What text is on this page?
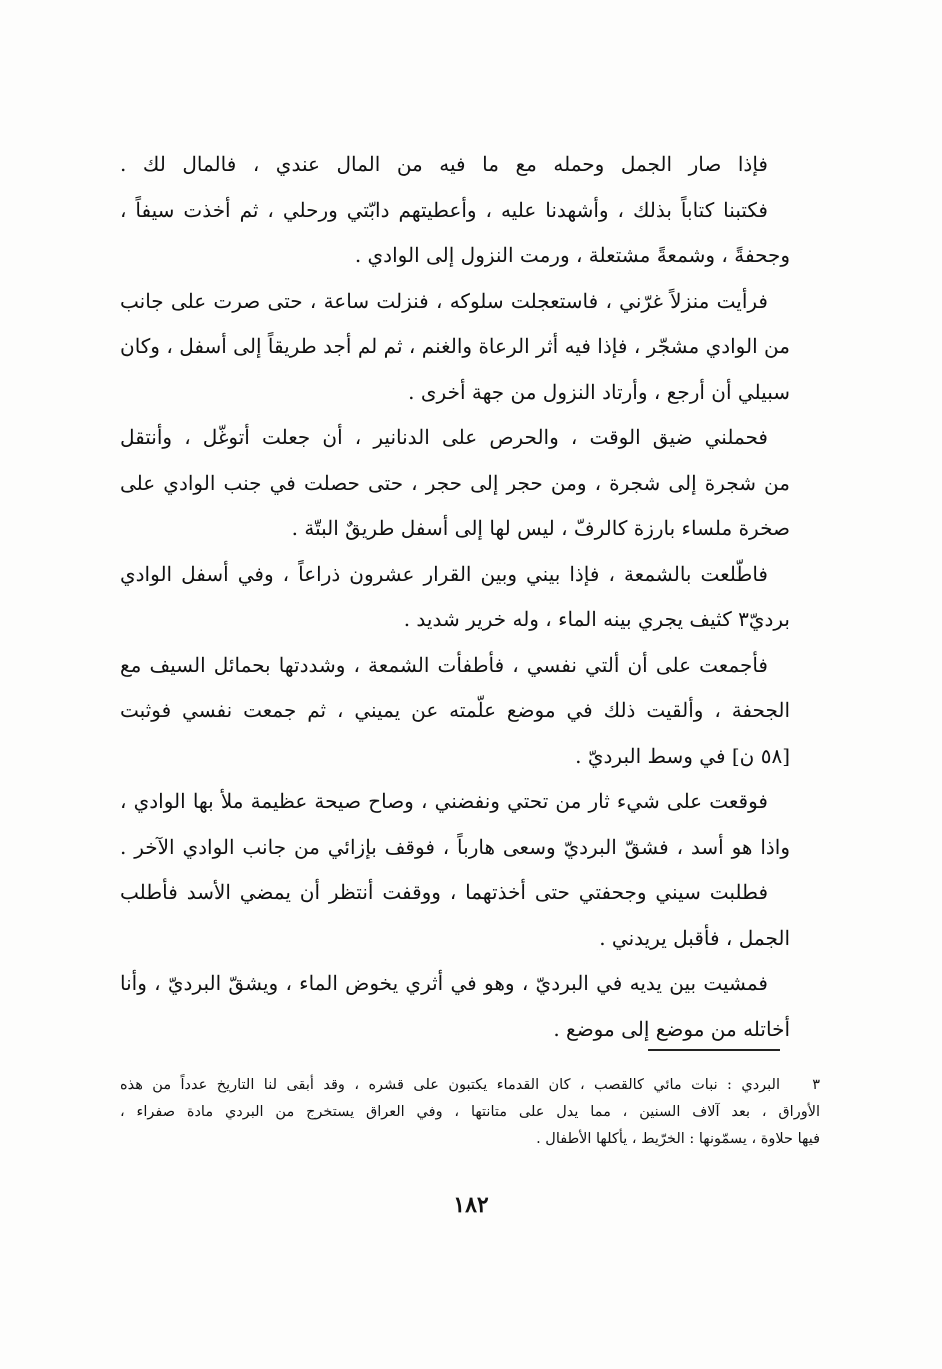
فإذا صار الجمل وحمله مع ما فيه من المال عندي ، فالمال لك .
فكتبنا كتاباً بذلك ، وأشهدنا عليه ، وأعطيتهم دابّتي ورحلي ، ثم أخذت سيفاً ،
وجحفةً ، وشمعةً مشتعلة ، ورمت النزول إلى الوادي .
فرأيت منزلاً غرّني ، فاستعجلت سلوكه ، فنزلت ساعة ، حتى صرت على جانب
من الوادي مشجّر ، فإذا فيه أثر الرعاة والغنم ، ثم لم أجد طريقاً إلى أسفل ، وكان
سبيلي أن أرجع ، وأرتاد النزول من جهة أخرى .
فحملني ضيق الوقت ، والحرص على الدنانير ، أن جعلت أتوغّل ، وأنتقل
من شجرة إلى شجرة ، ومن حجر إلى حجر ، حتى حصلت في جنب الوادي على
صخرة ملساء بارزة كالرفّ ، ليس لها إلى أسفل طريقٌ البتّة .
فاطّلعت بالشمعة ، فإذا بيني وبين القرار عشرون ذراعاً ، وفي أسفل الوادي
برديّ٣ كثيف يجري بينه الماء ، وله خرير شديد .
فأجمعت على أن ألتي نفسي ، فأطفأت الشمعة ، وشددتها بحمائل السيف مع
الجحفة ، وألقيت ذلك في موضع علّمته عن يميني ، ثم جمعت نفسي فوثبت
[٥٨ ن] في وسط البرديّ .
فوقعت على شيء ثار من تحتي ونفضني ، وصاح صيحة عظيمة ملأ بها الوادي ،
واذا هو أسد ، فشقّ البرديّ وسعى هارباً ، فوقف بإزائي من جانب الوادي الآخر .
فطلبت سيني وجحفتي حتى أخذتهما ، ووقفت أنتظر أن يمضي الأسد فأطلب
الجمل ، فأقبل يريدني .
فمشيت بين يديه في البرديّ ، وهو في أثري يخوض الماء ، ويشقّ البرديّ ، وأنا
أخاتله من موضع إلى موضع .
٣
البردي : نبات مائي كالقصب ، كان القدماء يكتبون على قشره ، وقد أبقى لنا التاريخ عدداً من هذه
الأوراق ، بعد آلاف السنين ، مما يدل على متانتها ، وفي العراق يستخرج من البردي مادة صفراء ،
فيها حلاوة ، يسمّونها : الخرّيط ، يأكلها الأطفال .
١٨٢
